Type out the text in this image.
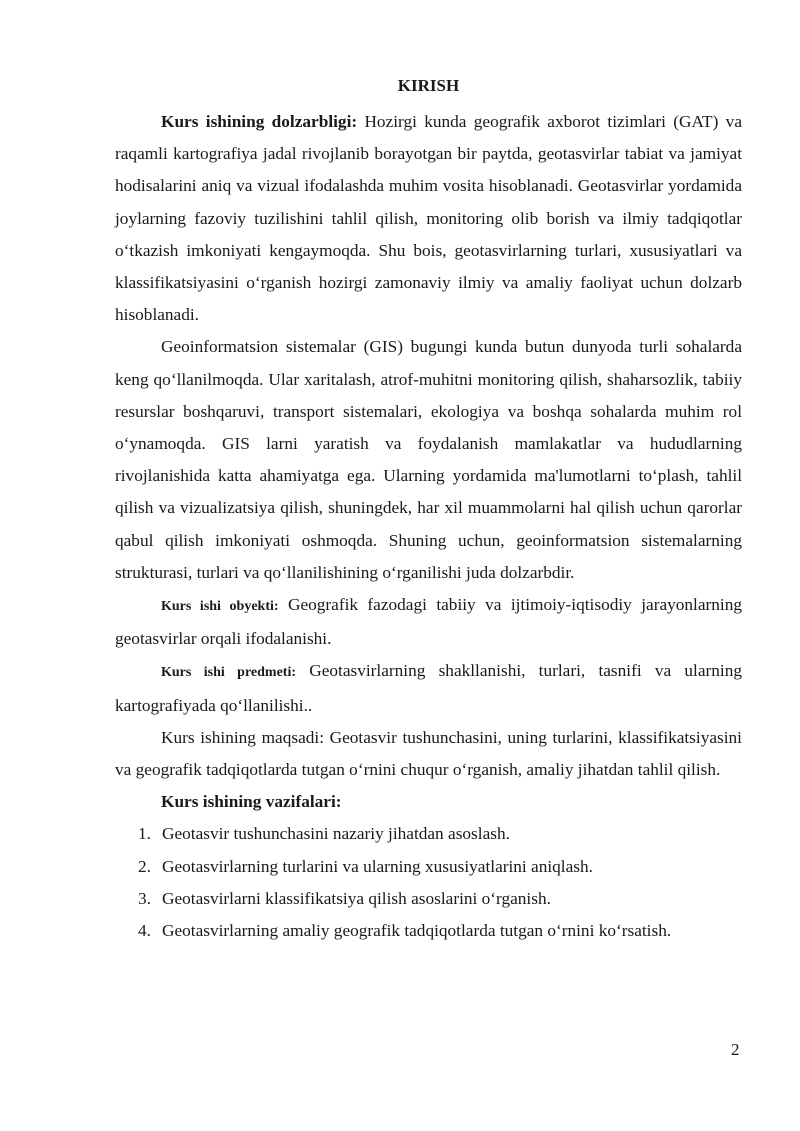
KIRISH

Kurs ishining dolzarbligi: Hozirgi kunda geografik axborot tizimlari (GAT) va raqamli kartografiya jadal rivojlanib borayotgan bir paytda, geotasvirlar tabiat va jamiyat hodisalarini aniq va vizual ifodalashda muhim vosita hisoblanadi. Geotasvirlar yordamida joylarning fazoviy tuzilishini tahlil qilish, monitoring olib borish va ilmiy tadqiqotlar o‘tkazish imkoniyati kengaymoqda. Shu bois, geotasvirlarning turlari, xususiyatlari va klassifikatsiyasini o‘rganish hozirgi zamonaviy ilmiy va amaliy faoliyat uchun dolzarb hisoblanadi.

Geoinformatsion sistemalar (GIS) bugungi kunda butun dunyoda turli sohalarda keng qo‘llanilmoqda. Ular xaritalash, atrof-muhitni monitoring qilish, shaharsozlik, tabiiy resurslar boshqaruvi, transport sistemalari, ekologiya va boshqa sohalarda muhim rol o‘ynamoqda. GIS larni yaratish va foydalanish mamlakatlar va hududlarning rivojlanishida katta ahamiyatga ega. Ularning yordamida ma'lumotlarni to‘plash, tahlil qilish va vizualizatsiya qilish, shuningdek, har xil muammolarni hal qilish uchun qarorlar qabul qilish imkoniyati oshmoqda. Shuning uchun, geoinformatsion sistemalarning strukturasi, turlari va qo‘llanilishining o‘rganilishi juda dolzarbdir.

Kurs ishi obyekti: Geografik fazodagi tabiiy va ijtimoiy-iqtisodiy jarayonlarning geotasvirlar orqali ifodalanishi.

Kurs ishi predmeti: Geotasvirlarning shakllanishi, turlari, tasnifi va ularning kartografiyada qo‘llanilishi..

Kurs ishining maqsadi: Geotasvir tushunchasini, uning turlarini, klassifikatsiyasini va geografik tadqiqotlarda tutgan o‘rnini chuqur o‘rganish, amaliy jihatdan tahlil qilish.

Kurs ishining vazifalari:
1. Geotasvir tushunchasini nazariy jihatdan asoslash.
2. Geotasvirlarning turlarini va ularning xususiyatlarini aniqlash.
3. Geotasvirlarni klassifikatsiya qilish asoslarini o‘rganish.
4. Geotasvirlarning amaliy geografik tadqiqotlarda tutgan o‘rnini ko‘rsatish.
2
